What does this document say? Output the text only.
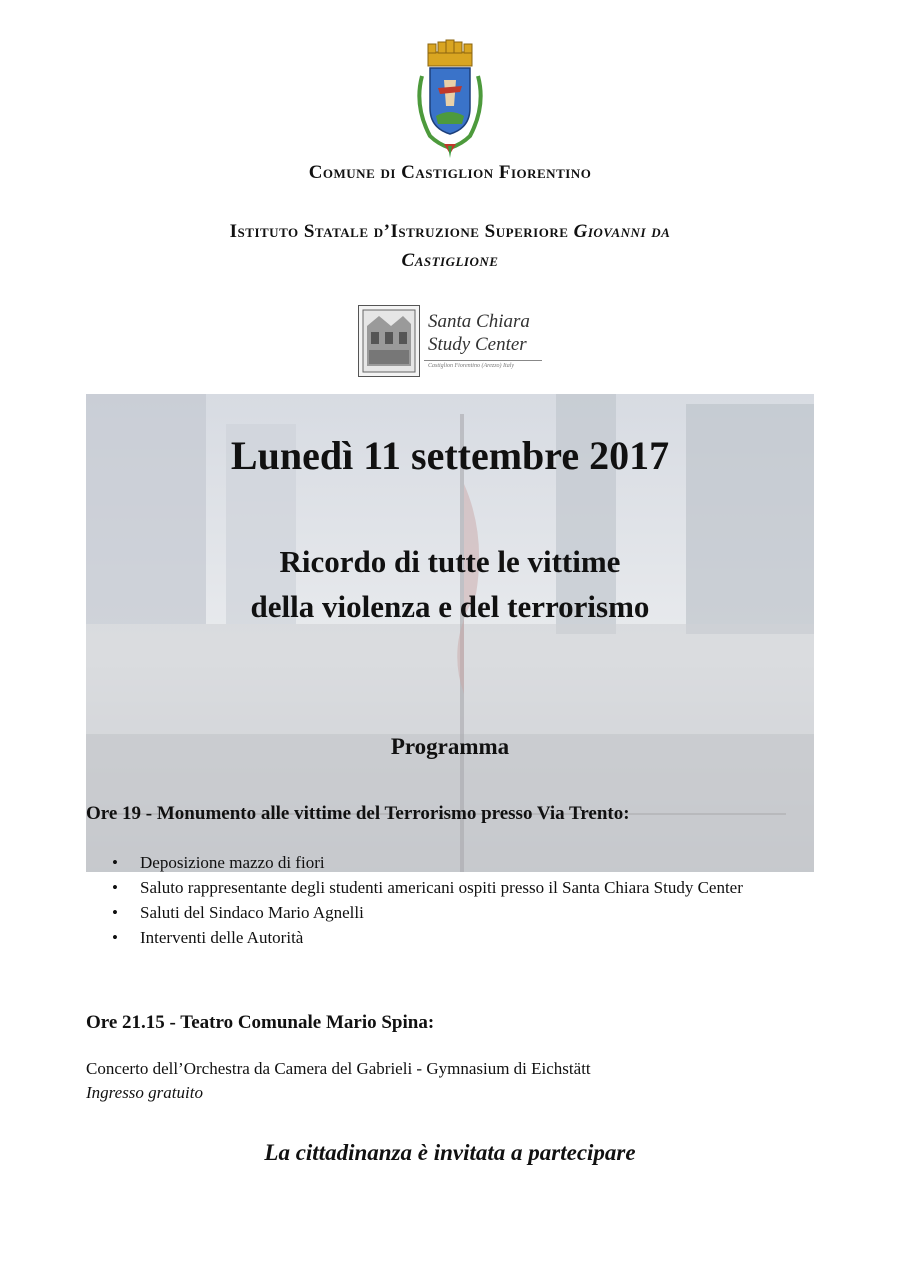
Comune di Castiglion Fiorentino
Istituto Statale d’Istruzione Superiore Giovanni da
Castiglione
Santa Chiara
Study Center
Castiglion Fiorentino (Arezzo) Italy
Lunedì 11 settembre 2017
Ricordo di tutte le vittime
della violenza e del terrorismo
Programma
Ore 19 - Monumento alle vittime del Terrorismo presso Via Trento:
• Deposizione mazzo di fiori
• Saluto rappresentante degli studenti americani ospiti presso il Santa Chiara Study Center
• Saluti del Sindaco Mario Agnelli
• Interventi delle Autorità
Ore 21.15 - Teatro Comunale Mario Spina:
Concerto dell’Orchestra da Camera del Gabrieli - Gymnasium di Eichstätt
Ingresso gratuito
La cittadinanza è invitata a partecipare
